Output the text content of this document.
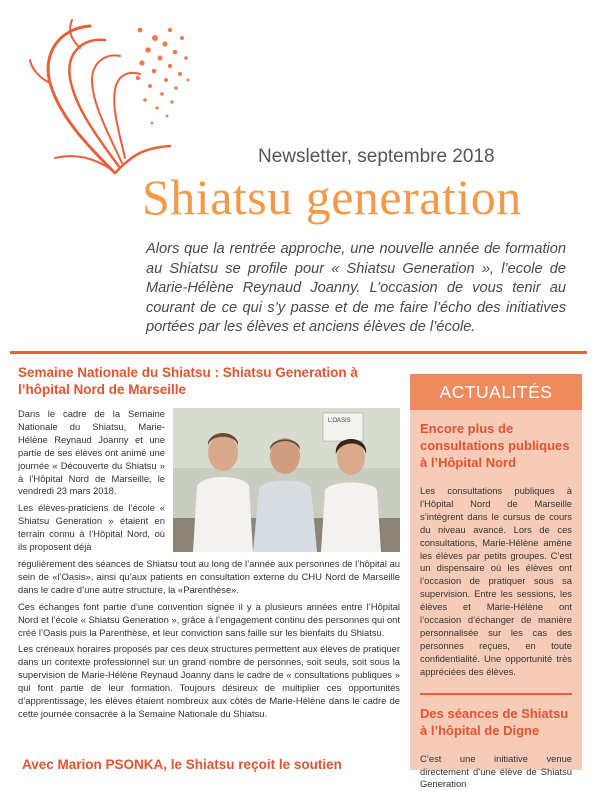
Newsletter, septembre 2018
Shiatsu generation
Alors que la rentrée approche, une nouvelle année de formation au Shiatsu se profile pour « Shiatsu Generation », l’ecole de Marie-Hélène Reynaud Joanny. L’occasion de vous tenir au courant de ce qui s’y passe et de me faire l’écho des initiatives portées par les élèves et anciens élèves de l’école.
Semaine Nationale du Shiatsu : Shiatsu Generation à l’hôpital Nord de Marseille

Dans le cadre de la Semaine Nationale du Shiatsu, Marie-Hélène Reynaud Joanny et une partie de ses élèves ont animé une journée « Découverte du Shiatsu » à l’Hôpital Nord de Marseille, le vendredi 23 mars 2018.

Les élèves-praticiens de l’école « Shiatsu Generation » étaient en terrain connu à l’Hôpital Nord, où ils proposent déjà

L’OASIS

régulièrement des séances de Shiatsu tout au long de l’année aux personnes de l’hôpital au sein de «l’Oasis», ainsi qu’aux patients en consultation externe du CHU Nord de Marseille dans le cadre d’une autre structure, la «Parenthèse».

Ces échanges font partie d’une convention signée il y a plusieurs années entre l’Hôpital Nord et l’école « Shiatsu Generation », grâce à l’engagement continu des personnes qui ont créé l’Oasis puis la Parenthèse, et leur conviction sans faille sur les bienfaits du Shiatsu.

Les créneaux horaires proposés par ces deux structures permettent aux élèves de pratiquer dans un contexte professionnel sur un grand nombre de personnes, soit seuls, soit sous la supervision de Marie-Hélène Reynaud Joanny dans le cadre de « consultations publiques » qui font partie de leur formation. Toujours désireux de multiplier ces opportunités d’apprentissage, les élèves étaient nombreux aux côtés de Marie-Hélène dans le cadre de cette journée consacrée à la Semaine Nationale du Shiatsu.

Avec Marion PSONKA, le Shiatsu reçoit le soutien
ACTUALITÉS
Encore plus de consultations publiques à l’Hôpital Nord

Les consultations publiques à l’Hôpital Nord de Marseille s’intègrent dans le cursus de cours du niveau avancé. Lors de ces consultations, Marie-Hélène amène les élèves par petits groupes. C’est un dispensaire où les élèves ont l’occasion de pratiquer sous sa supervision. Entre les sessions, les élèves et Marie-Hélène ont l’occasion d’échanger de manière personnalisée sur les cas des personnes reçues, en toute confidentialité. Une opportunité très appréciées des élèves.

Des séances de Shiatsu à l’hôpital de Digne

C’est une initiative venue directement d’une élève de Shiatsu Generation
